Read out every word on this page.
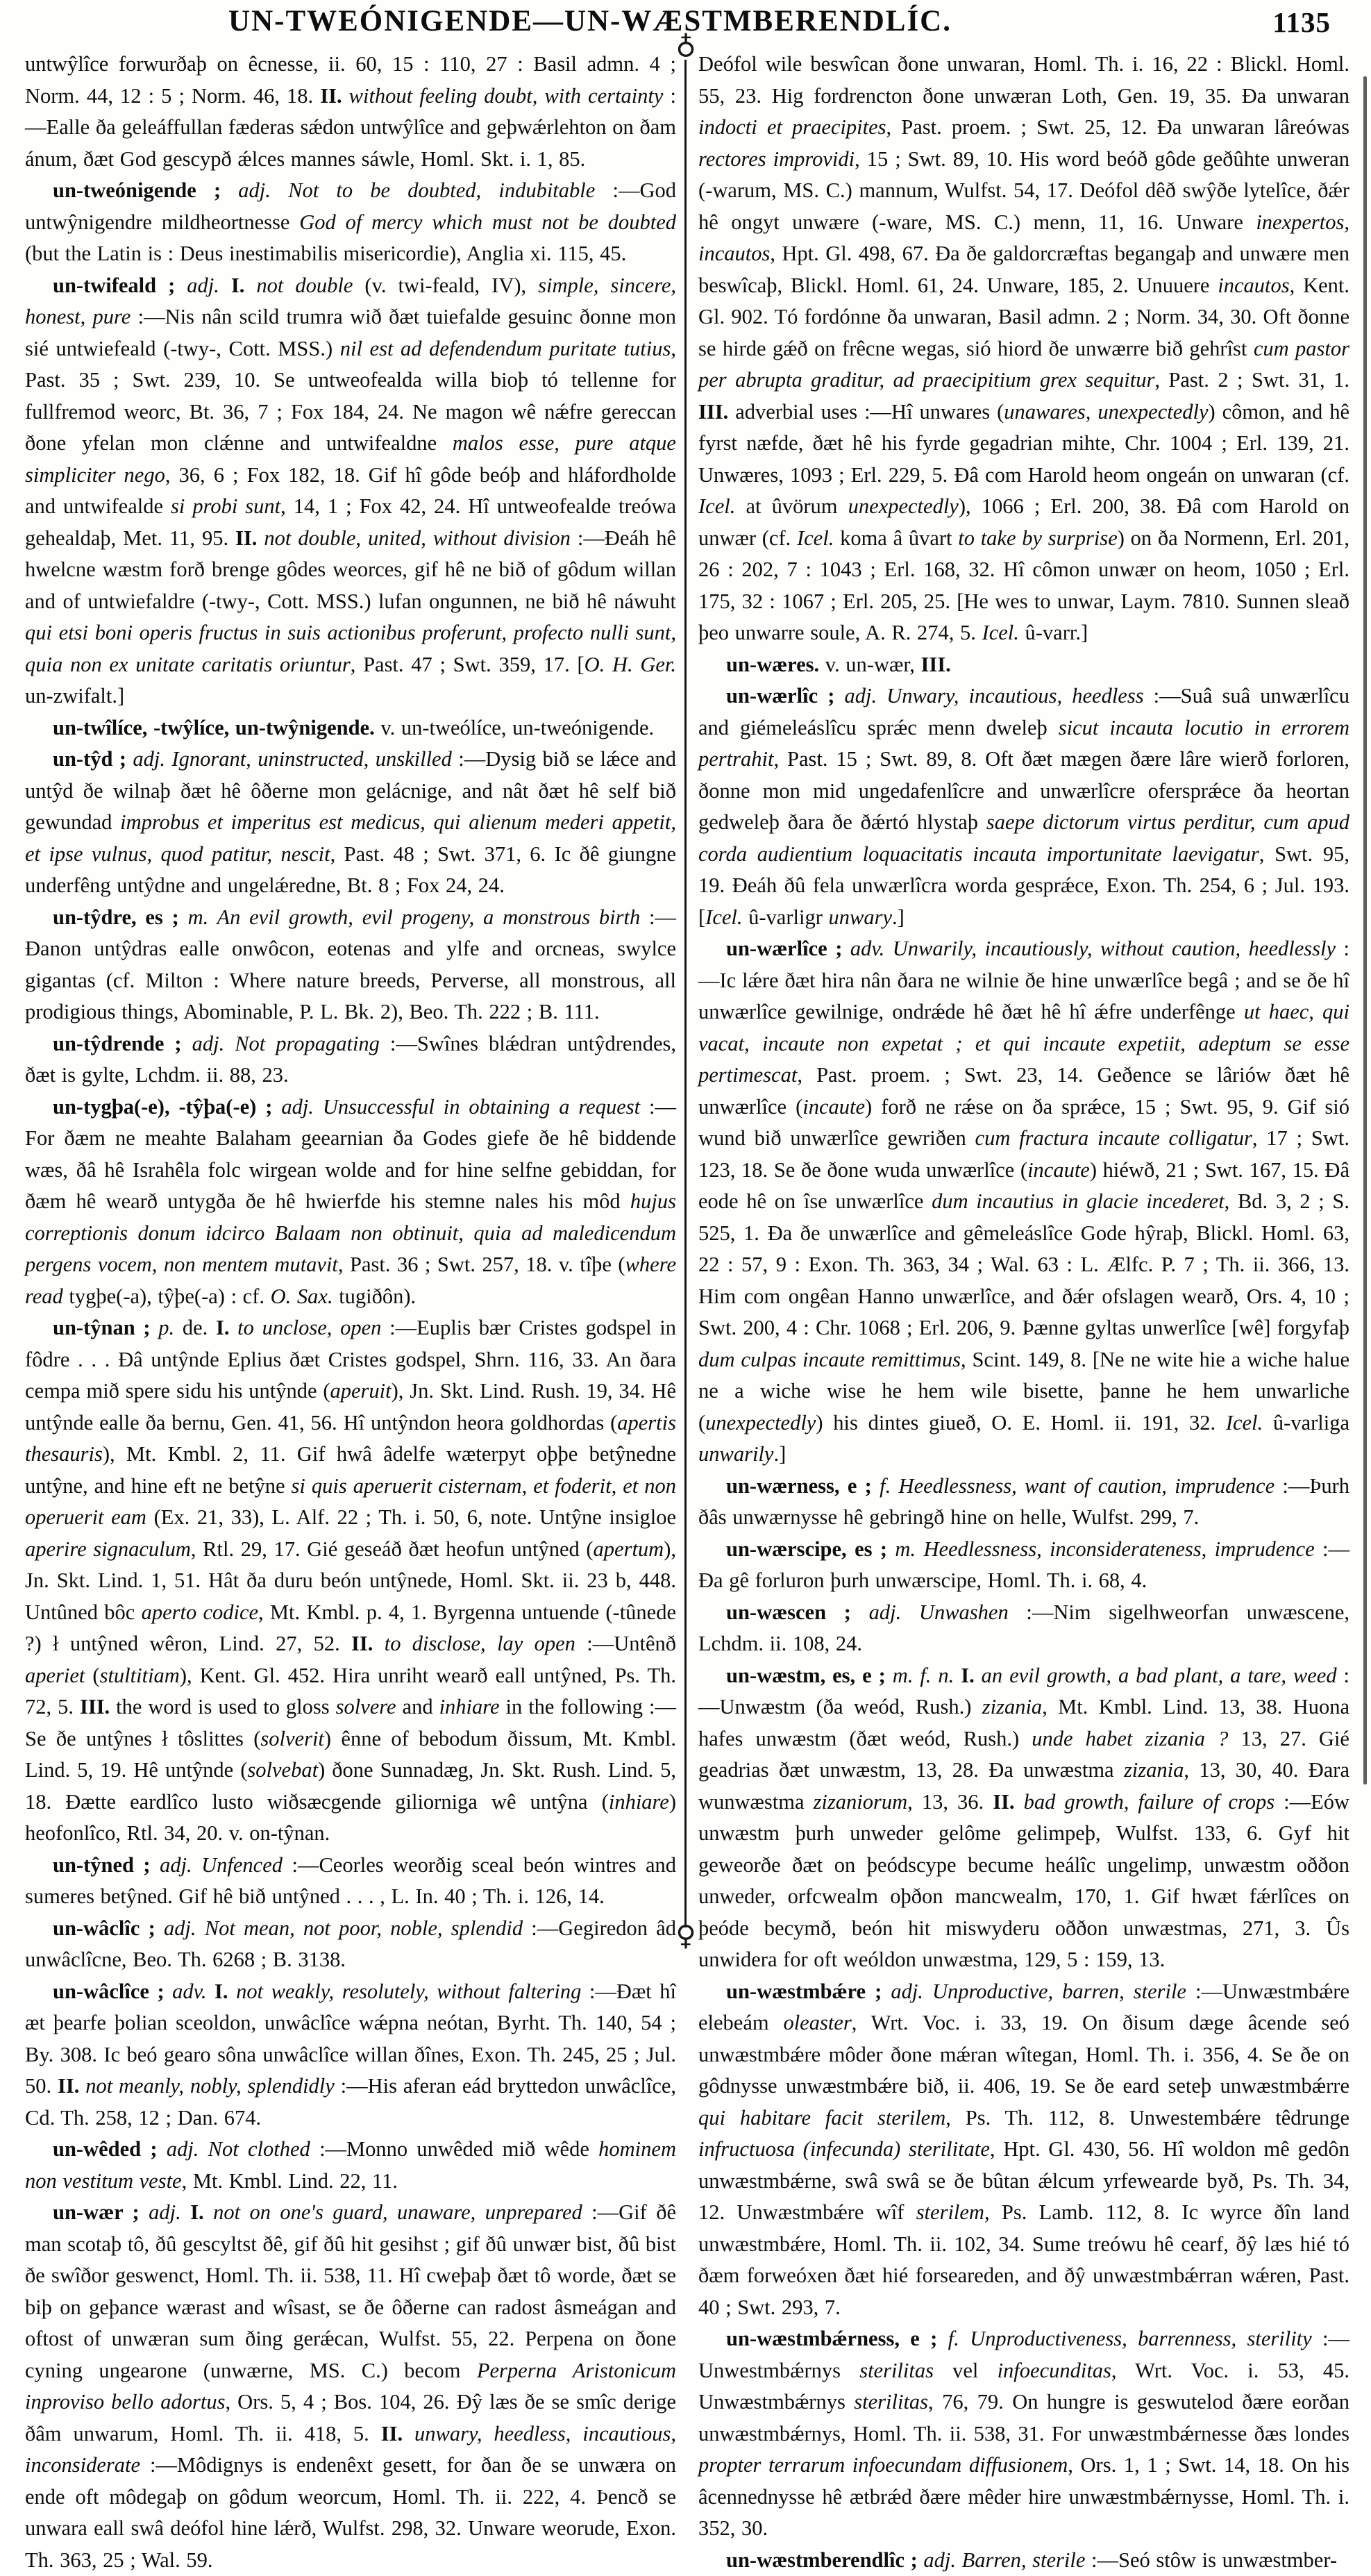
UN-TWEÓNIGENDE—UN-WÆSTMBERENDLÍC.	1135
♁
♁

untwŷlîce forwurðaþ on êcnesse, ii. 60, 15 : 110, 27 : Basil admn. 4 ; Norm. 44, 12 : 5 ; Norm. 46, 18. II. without feeling doubt, with certainty :—Ealle ða geleáffullan fæderas sǽdon untwŷlîce and geþwǽrlehton on ðam ánum, ðæt God gescypð ǽlces mannes sáwle, Homl. Skt. i. 1, 85.

un-tweónigende ; adj. Not to be doubted, indubitable :—God untwŷnigendre mildheortnesse God of mercy which must not be doubted (but the Latin is : Deus inestimabilis misericordie), Anglia xi. 115, 45.

un-twifeald ; adj. I. not double (v. twi-feald, IV), simple, sincere, honest, pure :—Nis nân scild trumra wið ðæt tuiefalde gesuinc ðonne mon sié untwiefeald (-twy-, Cott. MSS.) nil est ad defendendum puritate tutius, Past. 35 ; Swt. 239, 10. Se untweofealda willa bioþ tó tellenne for fullfremod weorc, Bt. 36, 7 ; Fox 184, 24. Ne magon wê nǽfre gereccan ðone yfelan mon clǽnne and untwifealdne malos esse, pure atque simpliciter nego, 36, 6 ; Fox 182, 18. Gif hî gôde beóþ and hláfordholde and untwifealde si probi sunt, 14, 1 ; Fox 42, 24. Hî untweofealde treówa gehealdaþ, Met. 11, 95. II. not double, united, without division :—Ðeáh hê hwelcne wæstm forð brenge gôdes weorces, gif hê ne bið of gôdum willan and of untwiefaldre (-twy-, Cott. MSS.) lufan ongunnen, ne bið hê náwuht qui etsi boni operis fructus in suis actionibus proferunt, profecto nulli sunt, quia non ex unitate caritatis oriuntur, Past. 47 ; Swt. 359, 17. [O. H. Ger. un-zwifalt.]

un-twîlíce, -twŷlíce, un-twŷnigende. v. un-tweólíce, un-tweónigende.

un-tŷd ; adj. Ignorant, uninstructed, unskilled :—Dysig bið se lǽce and untŷd ðe wilnaþ ðæt hê ôðerne mon gelácnige, and nât ðæt hê self bið gewundad improbus et imperitus est medicus, qui alienum mederi appetit, et ipse vulnus, quod patitur, nescit, Past. 48 ; Swt. 371, 6. Ic ðê giungne underfêng untŷdne and ungelǽredne, Bt. 8 ; Fox 24, 24.

un-tŷdre, es ; m. An evil growth, evil progeny, a monstrous birth :—Ðanon untŷdras ealle onwôcon, eotenas and ylfe and orcneas, swylce gigantas (cf. Milton : Where nature breeds, Perverse, all monstrous, all prodigious things, Abominable, P. L. Bk. 2), Beo. Th. 222 ; B. 111.

un-tŷdrende ; adj. Not propagating :—Swînes blǽdran untŷdrendes, ðæt is gylte, Lchdm. ii. 88, 23.

un-tygþa(-e), -tŷþa(-e) ; adj. Unsuccessful in obtaining a request :—For ðæm ne meahte Balaham geearnian ða Godes giefe ðe hê biddende wæs, ðâ hê Israhêla folc wirgean wolde and for hine selfne gebiddan, for ðæm hê wearð untygða ðe hê hwierfde his stemne nales his môd hujus correptionis donum idcirco Balaam non obtinuit, quia ad maledicendum pergens vocem, non mentem mutavit, Past. 36 ; Swt. 257, 18. v. tîþe (where read tygþe(-a), tŷþe(-a) : cf. O. Sax. tugiðôn).

un-tŷnan ; p. de. I. to unclose, open :—Euplis bær Cristes godspel in fôdre . . . Ðâ untŷnde Eplius ðæt Cristes godspel, Shrn. 116, 33. An ðara cempa mið spere sidu his untŷnde (aperuit), Jn. Skt. Lind. Rush. 19, 34. Hê untŷnde ealle ða bernu, Gen. 41, 56. Hî untŷndon heora goldhordas (apertis thesauris), Mt. Kmbl. 2, 11. Gif hwâ âdelfe wæterpyt oþþe betŷnedne untŷne, and hine eft ne betŷne si quis aperuerit cisternam, et foderit, et non operuerit eam (Ex. 21, 33), L. Alf. 22 ; Th. i. 50, 6, note. Untŷne insigloe aperire signaculum, Rtl. 29, 17. Gié geseáð ðæt heofun untŷned (apertum), Jn. Skt. Lind. 1, 51. Hât ða duru beón untŷnede, Homl. Skt. ii. 23 b, 448. Untûned bôc aperto codice, Mt. Kmbl. p. 4, 1. Byrgenna untuende (-tûnede ?) ł untŷned wêron, Lind. 27, 52. II. to disclose, lay open :—Untênð aperiet (stultitiam), Kent. Gl. 452. Hira unriht wearð eall untŷned, Ps. Th. 72, 5. III. the word is used to gloss solvere and inhiare in the following :—Se ðe untŷnes ł tôslittes (solverit) ênne of bebodum ðissum, Mt. Kmbl. Lind. 5, 19. Hê untŷnde (solvebat) ðone Sunnadæg, Jn. Skt. Rush. Lind. 5, 18. Ðætte eardlîco lusto wiðsæcgende giliorniga wê untŷna (inhiare) heofonlîco, Rtl. 34, 20. v. on-tŷnan.

un-tŷned ; adj. Unfenced :—Ceorles weorðig sceal beón wintres and sumeres betŷned. Gif hê bið untŷned . . . , L. In. 40 ; Th. i. 126, 14.

un-wâclîc ; adj. Not mean, not poor, noble, splendid :—Gegiredon âd unwâclîcne, Beo. Th. 6268 ; B. 3138.

un-wâclîce ; adv. I. not weakly, resolutely, without faltering :—Ðæt hî æt þearfe þolian sceoldon, unwâclîce wǽpna neótan, Byrht. Th. 140, 54 ; By. 308. Ic beó gearo sôna unwâclîce willan ðînes, Exon. Th. 245, 25 ; Jul. 50. II. not meanly, nobly, splendidly :—His aferan eád bryttedon unwâclîce, Cd. Th. 258, 12 ; Dan. 674.

un-wêded ; adj. Not clothed :—Monno unwêded mið wêde hominem non vestitum veste, Mt. Kmbl. Lind. 22, 11.

un-wær ; adj. I. not on one's guard, unaware, unprepared :—Gif ðê man scotaþ tô, ðû gescyltst ðê, gif ðû hit gesihst ; gif ðû unwær bist, ðû bist ðe swîðor geswenct, Homl. Th. ii. 538, 11. Hî cweþaþ ðæt tô worde, ðæt se biþ on geþance wærast and wîsast, se ðe ôðerne can radost âsmeágan and oftost of unwæran sum ðing gerǽcan, Wulfst. 55, 22. Perpena on ðone cyning ungearone (unwærne, MS. C.) becom Perperna Aristonicum inproviso bello adortus, Ors. 5, 4 ; Bos. 104, 26. Ðŷ læs ðe se smîc derige ðâm unwarum, Homl. Th. ii. 418, 5. II. unwary, heedless, incautious, inconsiderate :—Môdignys is endenêxt gesett, for ðan ðe se unwæra on ende oft môdegaþ on gôdum weorcum, Homl. Th. ii. 222, 4. Þencð se unwara eall swâ deófol hine lǽrð, Wulfst. 298, 32. Unware weorude, Exon. Th. 363, 25 ; Wal. 59.

Deófol wile beswîcan ðone unwaran, Homl. Th. i. 16, 22 : Blickl. Homl. 55, 23. Hig fordrencton ðone unwæran Loth, Gen. 19, 35. Ða unwaran indocti et praecipites, Past. proem. ; Swt. 25, 12. Ða unwaran lâreówas rectores improvidi, 15 ; Swt. 89, 10. His word beóð gôde geðûhte unweran (-warum, MS. C.) mannum, Wulfst. 54, 17. Deófol dêð swŷðe lytelîce, ðǽr hê ongyt unwære (-ware, MS. C.) menn, 11, 16. Unware inexpertos, incautos, Hpt. Gl. 498, 67. Ða ðe galdorcræftas begangaþ and unwære men beswîcaþ, Blickl. Homl. 61, 24. Unware, 185, 2. Unuuere incautos, Kent. Gl. 902. Tó fordónne ða unwaran, Basil admn. 2 ; Norm. 34, 30. Oft ðonne se hirde gǽð on frêcne wegas, sió hiord ðe unwærre bið gehrîst cum pastor per abrupta graditur, ad praecipitium grex sequitur, Past. 2 ; Swt. 31, 1. III. adverbial uses :—Hî unwares (unawares, unexpectedly) cômon, and hê fyrst næfde, ðæt hê his fyrde gegadrian mihte, Chr. 1004 ; Erl. 139, 21. Unwæres, 1093 ; Erl. 229, 5. Ðâ com Harold heom ongeán on unwaran (cf. Icel. at ûvörum unexpectedly), 1066 ; Erl. 200, 38. Ðâ com Harold on unwær (cf. Icel. koma â ûvart to take by surprise) on ða Normenn, Erl. 201, 26 : 202, 7 : 1043 ; Erl. 168, 32. Hî cômon unwær on heom, 1050 ; Erl. 175, 32 : 1067 ; Erl. 205, 25. [He wes to unwar, Laym. 7810. Sunnen sleað þeo unwarre soule, A. R. 274, 5. Icel. û-varr.]

un-wæres. v. un-wær, III.

un-wærlîc ; adj. Unwary, incautious, heedless :—Suâ suâ unwærlîcu and giémeleáslîcu sprǽc menn dweleþ sicut incauta locutio in errorem pertrahit, Past. 15 ; Swt. 89, 8. Oft ðæt mægen ðære lâre wierð forloren, ðonne mon mid ungedafenlîcre and unwærlîcre ofersprǽce ða heortan gedweleþ ðara ðe ðǽrtó hlystaþ saepe dictorum virtus perditur, cum apud corda audientium loquacitatis incauta importunitate laevigatur, Swt. 95, 19. Ðeáh ðû fela unwærlîcra worda gesprǽce, Exon. Th. 254, 6 ; Jul. 193. [Icel. û-varligr unwary.]

un-wærlîce ; adv. Unwarily, incautiously, without caution, heedlessly :—Ic lǽre ðæt hira nân ðara ne wilnie ðe hine unwærlîce begâ ; and se ðe hî unwærlîce gewilnige, ondrǽde hê ðæt hê hî ǽfre underfênge ut haec, qui vacat, incaute non expetat ; et qui incaute expetiit, adeptum se esse pertimescat, Past. proem. ; Swt. 23, 14. Geðence se lâriów ðæt hê unwærlîce (incaute) forð ne rǽse on ða sprǽce, 15 ; Swt. 95, 9. Gif sió wund bið unwærlîce gewriðen cum fractura incaute colligatur, 17 ; Swt. 123, 18. Se ðe ðone wuda unwærlîce (incaute) hiéwð, 21 ; Swt. 167, 15. Ðâ eode hê on îse unwærlîce dum incautius in glacie incederet, Bd. 3, 2 ; S. 525, 1. Ða ðe unwærlîce and gêmeleáslîce Gode hŷraþ, Blickl. Homl. 63, 22 : 57, 9 : Exon. Th. 363, 34 ; Wal. 63 : L. Ælfc. P. 7 ; Th. ii. 366, 13. Him com ongêan Hanno unwærlîce, and ðǽr ofslagen wearð, Ors. 4, 10 ; Swt. 200, 4 : Chr. 1068 ; Erl. 206, 9. Þænne gyltas unwerlîce [wê] forgyfaþ dum culpas incaute remittimus, Scint. 149, 8. [Ne ne wite hie a wiche halue ne a wiche wise he hem wile bisette, þanne he hem unwarliche (unexpectedly) his dintes giueð, O. E. Homl. ii. 191, 32. Icel. û-varliga unwarily.]

un-wærness, e ; f. Heedlessness, want of caution, imprudence :—Þurh ðâs unwærnysse hê gebringð hine on helle, Wulfst. 299, 7.

un-wærscipe, es ; m. Heedlessness, inconsiderateness, imprudence :—Ða gê forluron þurh unwærscipe, Homl. Th. i. 68, 4.

un-wæscen ; adj. Unwashen :—Nim sigelhweorfan unwæscene, Lchdm. ii. 108, 24.

un-wæstm, es, e ; m. f. n. I. an evil growth, a bad plant, a tare, weed :—Unwæstm (ða weód, Rush.) zizania, Mt. Kmbl. Lind. 13, 38. Huona hafes unwæstm (ðæt weód, Rush.) unde habet zizania ? 13, 27. Gié geadrias ðæt unwæstm, 13, 28. Ða unwæstma zizania, 13, 30, 40. Ðara wunwæstma zizaniorum, 13, 36. II. bad growth, failure of crops :—Eów unwæstm þurh unweder gelôme gelimpeþ, Wulfst. 133, 6. Gyf hit geweorðe ðæt on þeódscype becume heálîc ungelimp, unwæstm oððon unweder, orfcwealm oþðon mancwealm, 170, 1. Gif hwæt fǽrlîces on þeóde becymð, beón hit miswyderu oððon unwæstmas, 271, 3. Ûs unwidera for oft weóldon unwæstma, 129, 5 : 159, 13.

un-wæstmbǽre ; adj. Unproductive, barren, sterile :—Unwæstmbǽre elebeám oleaster, Wrt. Voc. i. 33, 19. On ðisum dæge âcende seó unwæstmbǽre môder ðone mǽran wîtegan, Homl. Th. i. 356, 4. Se ðe on gôdnysse unwæstmbǽre bið, ii. 406, 19. Se ðe eard seteþ unwæstmbǽrre qui habitare facit sterilem, Ps. Th. 112, 8. Unwestembǽre têdrunge infructuosa (infecunda) sterilitate, Hpt. Gl. 430, 56. Hî woldon mê gedôn unwæstmbǽrne, swâ swâ se ðe bûtan ǽlcum yrfewearde byð, Ps. Th. 34, 12. Unwæstmbǽre wîf sterilem, Ps. Lamb. 112, 8. Ic wyrce ðîn land unwæstmbǽre, Homl. Th. ii. 102, 34. Sume treówu hê cearf, ðŷ læs hié tó ðæm forweóxen ðæt hié forseareden, and ðŷ unwæstmbǽrran wǽren, Past. 40 ; Swt. 293, 7.

un-wæstmbǽrness, e ; f. Unproductiveness, barrenness, sterility :—Unwestmbǽrnys sterilitas vel infoecunditas, Wrt. Voc. i. 53, 45. Unwæstmbǽrnys sterilitas, 76, 79. On hungre is geswutelod ðære eorðan unwæstmbǽrnys, Homl. Th. ii. 538, 31. For unwæstmbǽrnesse ðæs londes propter terrarum infoecundam diffusionem, Ors. 1, 1 ; Swt. 14, 18. On his âcennednysse hê ætbrǽd ðære mêder hire unwæstmbǽrnysse, Homl. Th. i. 352, 30.

un-wæstmberendlîc ; adj. Barren, sterile :—Seó stôw is unwæstmber-
